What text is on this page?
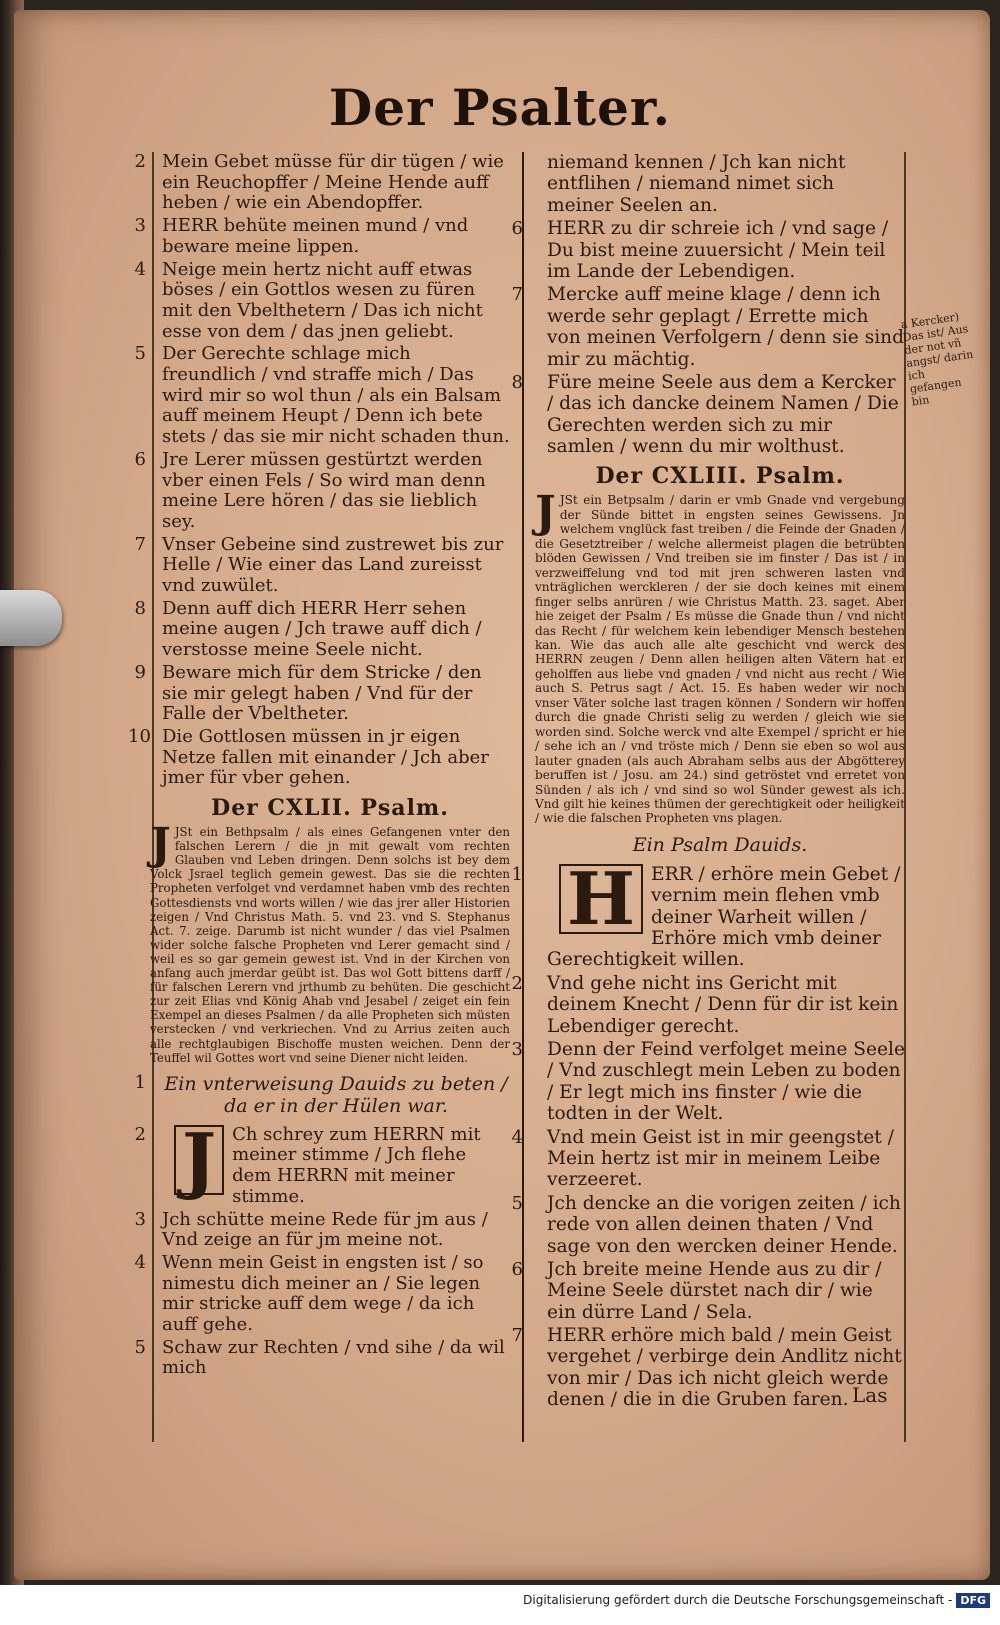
Der Psalter.
2 Mein Gebet müsse für dir tügen / wie ein Reuchopffer / Meine Hende auff heben / wie ein Abendopffer.
3 HERR behüte meinen mund / vnd beware meine lippen.
4 Neige mein hertz nicht auff etwas böses / ein Gottlos wesen zu füren mit den Vbelthetern / Das ich nicht esse von dem / das jnen geliebt.
5 Der Gerechte schlage mich freundlich / vnd straffe mich / Das wird mir so wol thun / als ein Balsam auff meinem Heupt / Denn ich bete stets / das sie mir nicht schaden thun.
6 Jre Lerer müssen gestürtzt werden vber einen Fels / So wird man denn meine Lere hören / das sie lieblich sey.
7 Vnser Gebeine sind zustrewet bis zur Helle / Wie einer das Land zureisst vnd zuwület.
8 Denn auff dich HERR Herr sehen meine augen / Jch trawe auff dich / verstosse meine Seele nicht.
9 Beware mich für dem Stricke / den sie mir gelegt haben / Vnd für der Falle der Vbeltheter.
10 Die Gottlosen müssen in jr eigen Netze fallen mit einander / Jch aber jmer für vber gehen.
Der CXLII. Psalm.
J JSt ein Bethpsalm / als eines Gefangenen vnter den falschen Lerern / die jn mit gewalt vom rechten Glauben vnd Leben dringen. Denn solchs ist bey dem Volck Jsrael teglich gemein gewest. Das sie die rechten Propheten verfolget vnd verdamnet haben vmb des rechten Gottesdiensts vnd worts willen / wie das jrer aller Historien zeigen / Vnd Christus Math. 5. vnd 23. vnd S. Stephanus Act. 7. zeige. Darumb ist nicht wunder / das viel Psalmen wider solche falsche Propheten vnd Lerer gemacht sind / weil es so gar gemein gewest ist. Vnd in der Kirchen von anfang auch jmerdar geübt ist. Das wol Gott bittens darff / für falschen Lerern vnd jrthumb zu behüten. Die geschicht zur zeit Elias vnd König Ahab vnd Jesabel / zeiget ein fein Exempel an dieses Psalmen / da alle Propheten sich müsten verstecken / vnd verkriechen. Vnd zu Arrius zeiten auch alle rechtglaubigen Bischoffe musten weichen. Denn der Teuffel wil Gottes wort vnd seine Diener nicht leiden.
1 Ein vnterweisung Dauids zu beten / da er in der Hülen war.
2 J Ch schrey zum HERRN mit meiner stimme / Jch flehe dem HERRN mit meiner stimme.
3 Jch schütte meine Rede für jm aus / Vnd zeige an für jm meine not.
4 Wenn mein Geist in engsten ist / so nimestu dich meiner an / Sie legen mir stricke auff dem wege / da ich auff gehe.
5 Schaw zur Rechten / vnd sihe / da wil mich
niemand kennen / Jch kan nicht entflihen / niemand nimet sich meiner Seelen an.
6 HERR zu dir schreie ich / vnd sage / Du bist meine zuuersicht / Mein teil im Lande der Lebendigen.
7 Mercke auff meine klage / denn ich werde sehr geplagt / Errette mich von meinen Verfolgern / denn sie sind mir zu mächtig.
8 Füre meine Seele aus dem a Kercker / das ich dancke deinem Namen / Die Gerechten werden sich zu mir samlen / wenn du mir wolthust.
Der CXLIII. Psalm.
J JSt ein Betpsalm / darin er vmb Gnade vnd vergebung der Sünde bittet in engsten seines Gewissens. Jn welchem vnglück fast treiben / die Feinde der Gnaden / die Gesetztreiber / welche allermeist plagen die betrübten blöden Gewissen / Vnd treiben sie im finster / Das ist / in verzweiffelung vnd tod mit jren schweren lasten vnd vnträglichen werckleren / der sie doch keines mit einem finger selbs anrüren / wie Christus Matth. 23. saget. Aber hie zeiget der Psalm / Es müsse die Gnade thun / vnd nicht das Recht / für welchem kein lebendiger Mensch bestehen kan. Wie das auch alle alte geschicht vnd werck des HERRN zeugen / Denn allen heiligen alten Vätern hat er geholffen aus liebe vnd gnaden / vnd nicht aus recht / Wie auch S. Petrus sagt / Act. 15. Es haben weder wir noch vnser Väter solche last tragen können / Sondern wir hoffen durch die gnade Christi selig zu werden / gleich wie sie worden sind. Solche werck vnd alte Exempel / spricht er hie / sehe ich an / vnd tröste mich / Denn sie eben so wol aus lauter gnaden (als auch Abraham selbs aus der Abgötterey beruffen ist / Josu. am 24.) sind getröstet vnd erretet von Sünden / als ich / vnd sind so wol Sünder gewest als ich. Vnd gilt hie keines thümen der gerechtigkeit oder heiligkeit / wie die falschen Propheten vns plagen.
Ein Psalm Dauids.
1 H ERR / erhöre mein Gebet / vernim mein flehen vmb deiner Warheit willen / Erhöre mich vmb deiner Gerechtigkeit willen.
2 Vnd gehe nicht ins Gericht mit deinem Knecht / Denn für dir ist kein Lebendiger gerecht.
3 Denn der Feind verfolget meine Seele / Vnd zuschlegt mein Leben zu boden / Er legt mich ins finster / wie die todten in der Welt.
4 Vnd mein Geist ist in mir geengstet / Mein hertz ist mir in meinem Leibe verzeeret.
5 Jch dencke an die vorigen zeiten / ich rede von allen deinen thaten / Vnd sage von den wercken deiner Hende.
6 Jch breite meine Hende aus zu dir / Meine Seele dürstet nach dir / wie ein dürre Land / Sela.
7 HERR erhöre mich bald / mein Geist vergehet / verbirge dein Andlitz nicht von mir / Das ich nicht gleich werde denen / die in die Gruben faren.
a Kercker) Das ist/ Aus der not vñ angst/ darin ich gefangen bin
Las
Digitalisierung gefördert durch die Deutsche Forschungsgemeinschaft - DFG
